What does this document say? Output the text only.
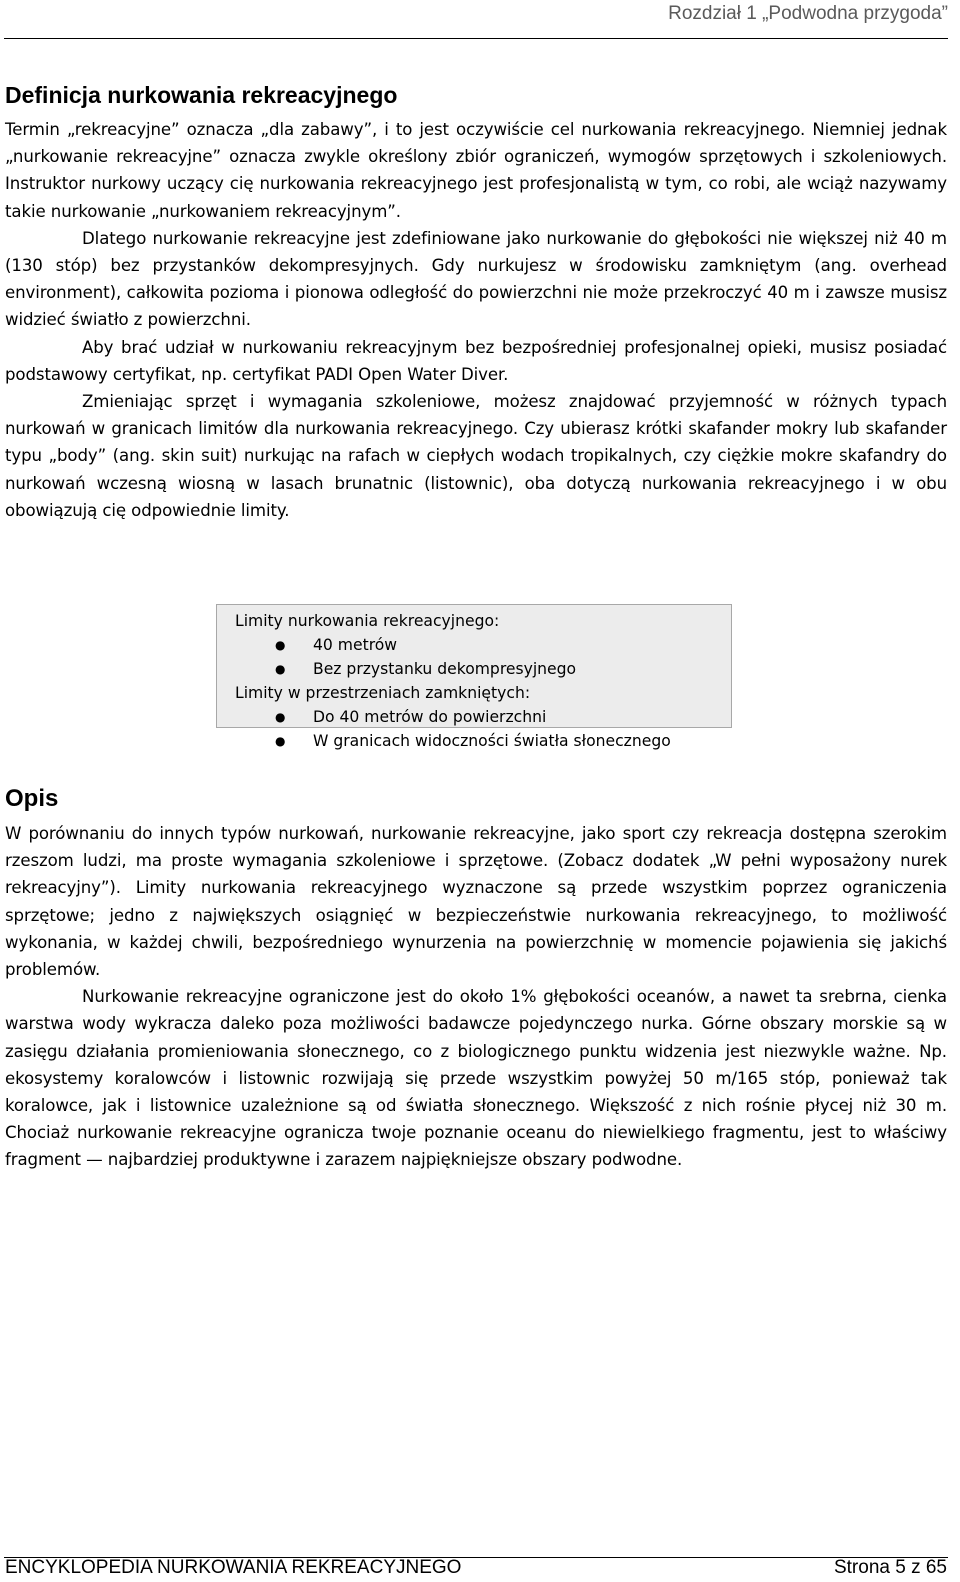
Rozdział 1 „Podwodna przygoda”
Definicja nurkowania rekreacyjnego

Termin „rekreacyjne” oznacza „dla zabawy”, i to jest oczywiście cel nurkowania rekreacyjnego. Niemniej jednak „nurkowanie rekreacyjne” oznacza zwykle określony zbiór ograniczeń, wymogów sprzętowych i szkoleniowych. Instruktor nurkowy uczący cię nurkowania rekreacyjnego jest profesjonalistą w tym, co robi, ale wciąż nazywamy takie nurkowanie „nurkowaniem rekreacyjnym”.

Dlatego nurkowanie rekreacyjne jest zdefiniowane jako nurkowanie do głębokości nie większej niż 40 m (130 stóp) bez przystanków dekompresyjnych. Gdy nurkujesz w środowisku zamkniętym (ang. overhead environment), całkowita pozioma i pionowa odległość do powierzchni nie może przekroczyć 40 m i zawsze musisz widzieć światło z powierzchni.

Aby brać udział w nurkowaniu rekreacyjnym bez bezpośredniej profesjonalnej opieki, musisz posiadać podstawowy certyfikat, np. certyfikat PADI Open Water Diver.

Zmieniając sprzęt i wymagania szkoleniowe, możesz znajdować przyjemność w różnych typach nurkowań w granicach limitów dla nurkowania rekreacyjnego. Czy ubierasz krótki skafander mokry lub skafander typu „body” (ang. skin suit) nurkując na rafach w ciepłych wodach tropikalnych, czy ciężkie mokre skafandry do nurkowań wczesną wiosną w lasach brunatnic (listownic), oba dotyczą nurkowania rekreacyjnego i w obu obowiązują cię odpowiednie limity.

Limity nurkowania rekreacyjnego:

● 40 metrów
● Bez przystanku dekompresyjnego

Limity w przestrzeniach zamkniętych:

● Do 40 metrów do powierzchni
● W granicach widoczności światła słonecznego
Opis

W porównaniu do innych typów nurkowań, nurkowanie rekreacyjne, jako sport czy rekreacja dostępna szerokim rzeszom ludzi, ma proste wymagania szkoleniowe i sprzętowe. (Zobacz dodatek „W pełni wyposażony nurek rekreacyjny”). Limity nurkowania rekreacyjnego wyznaczone są przede wszystkim poprzez ograniczenia sprzętowe; jedno z największych osiągnięć w bezpieczeństwie nurkowania rekreacyjnego, to możliwość wykonania, w każdej chwili, bezpośredniego wynurzenia na powierzchnię w momencie pojawienia się jakichś problemów.

Nurkowanie rekreacyjne ograniczone jest do około 1% głębokości oceanów, a nawet ta srebrna, cienka warstwa wody wykracza daleko poza możliwości badawcze pojedynczego nurka. Górne obszary morskie są w zasięgu działania promieniowania słonecznego, co z biologicznego punktu widzenia jest niezwykle ważne. Np. ekosystemy koralowców i listownic rozwijają się przede wszystkim powyżej 50 m/165 stóp, ponieważ tak koralowce, jak i listownice uzależnione są od światła słonecznego. Większość z nich rośnie płycej niż 30 m. Chociaż nurkowanie rekreacyjne ogranicza twoje poznanie oceanu do niewielkiego fragmentu, jest to właściwy fragment — najbardziej produktywne i zarazem najpiękniejsze obszary podwodne.

ENCYKLOPEDIA NURKOWANIA REKREACYJNEGO	Strona 5 z 65
